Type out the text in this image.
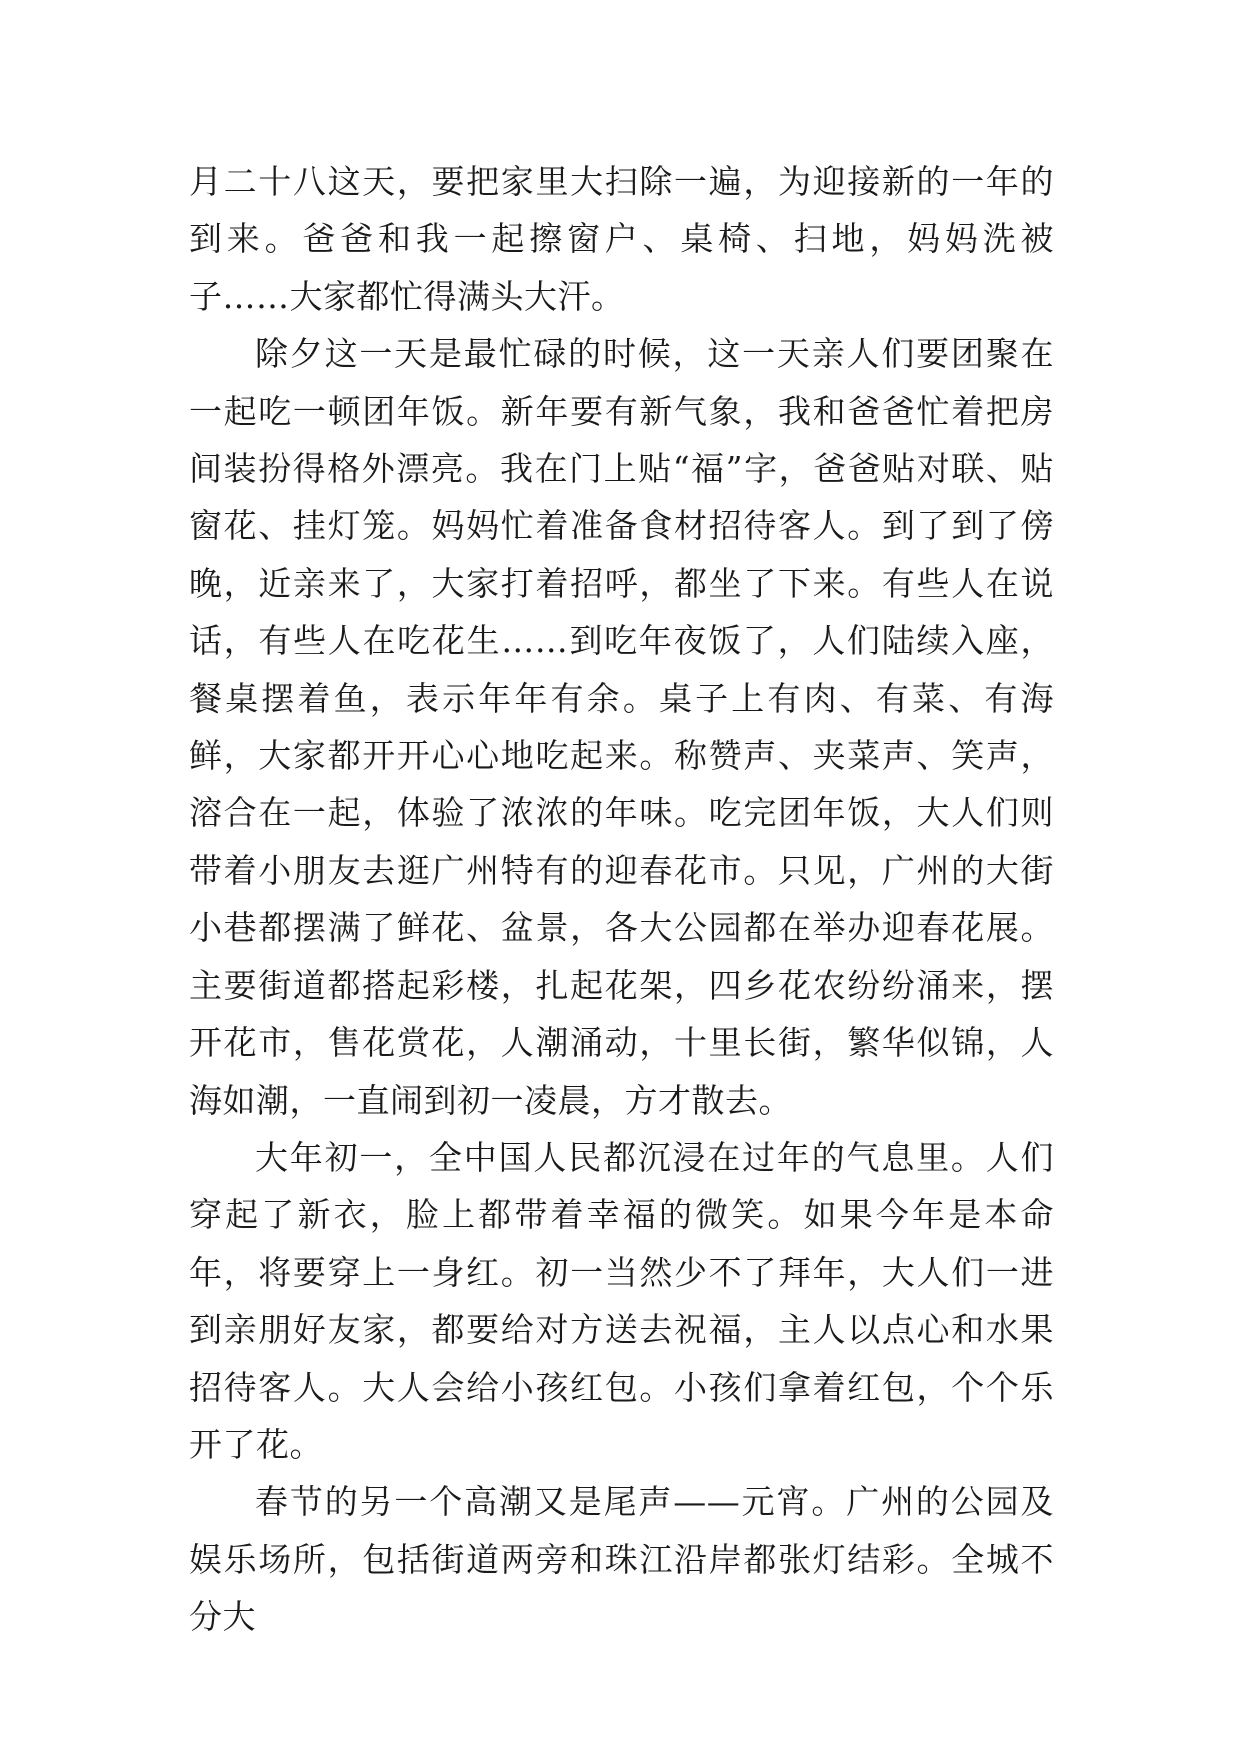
月二十八这天，要把家里大扫除一遍，为迎接新的一年的到来。爸爸和我一起擦窗户、桌椅、扫地，妈妈洗被子……大家都忙得满头大汗。

除夕这一天是最忙碌的时候，这一天亲人们要团聚在一起吃一顿团年饭。新年要有新气象，我和爸爸忙着把房间装扮得格外漂亮。我在门上贴“福”字，爸爸贴对联、贴窗花、挂灯笼。妈妈忙着准备食材招待客人。到了到了傍晚，近亲来了，大家打着招呼，都坐了下来。有些人在说话，有些人在吃花生……到吃年夜饭了，人们陆续入座，餐桌摆着鱼，表示年年有余。桌子上有肉、有菜、有海鲜，大家都开开心心地吃起来。称赞声、夹菜声、笑声，溶合在一起，体验了浓浓的年味。吃完团年饭，大人们则带着小朋友去逛广州特有的迎春花市。只见，广州的大街小巷都摆满了鲜花、盆景，各大公园都在举办迎春花展。主要街道都搭起彩楼，扎起花架，四乡花农纷纷涌来，摆开花市，售花赏花，人潮涌动，十里长街，繁华似锦，人海如潮，一直闹到初一凌晨，方才散去。

大年初一，全中国人民都沉浸在过年的气息里。人们穿起了新衣，脸上都带着幸福的微笑。如果今年是本命年，将要穿上一身红。初一当然少不了拜年，大人们一进到亲朋好友家，都要给对方送去祝福，主人以点心和水果招待客人。大人会给小孩红包。小孩们拿着红包，个个乐开了花。

春节的另一个高潮又是尾声——元宵。广州的公园及娱乐场所，包括街道两旁和珠江沿岸都张灯结彩。全城不分大
